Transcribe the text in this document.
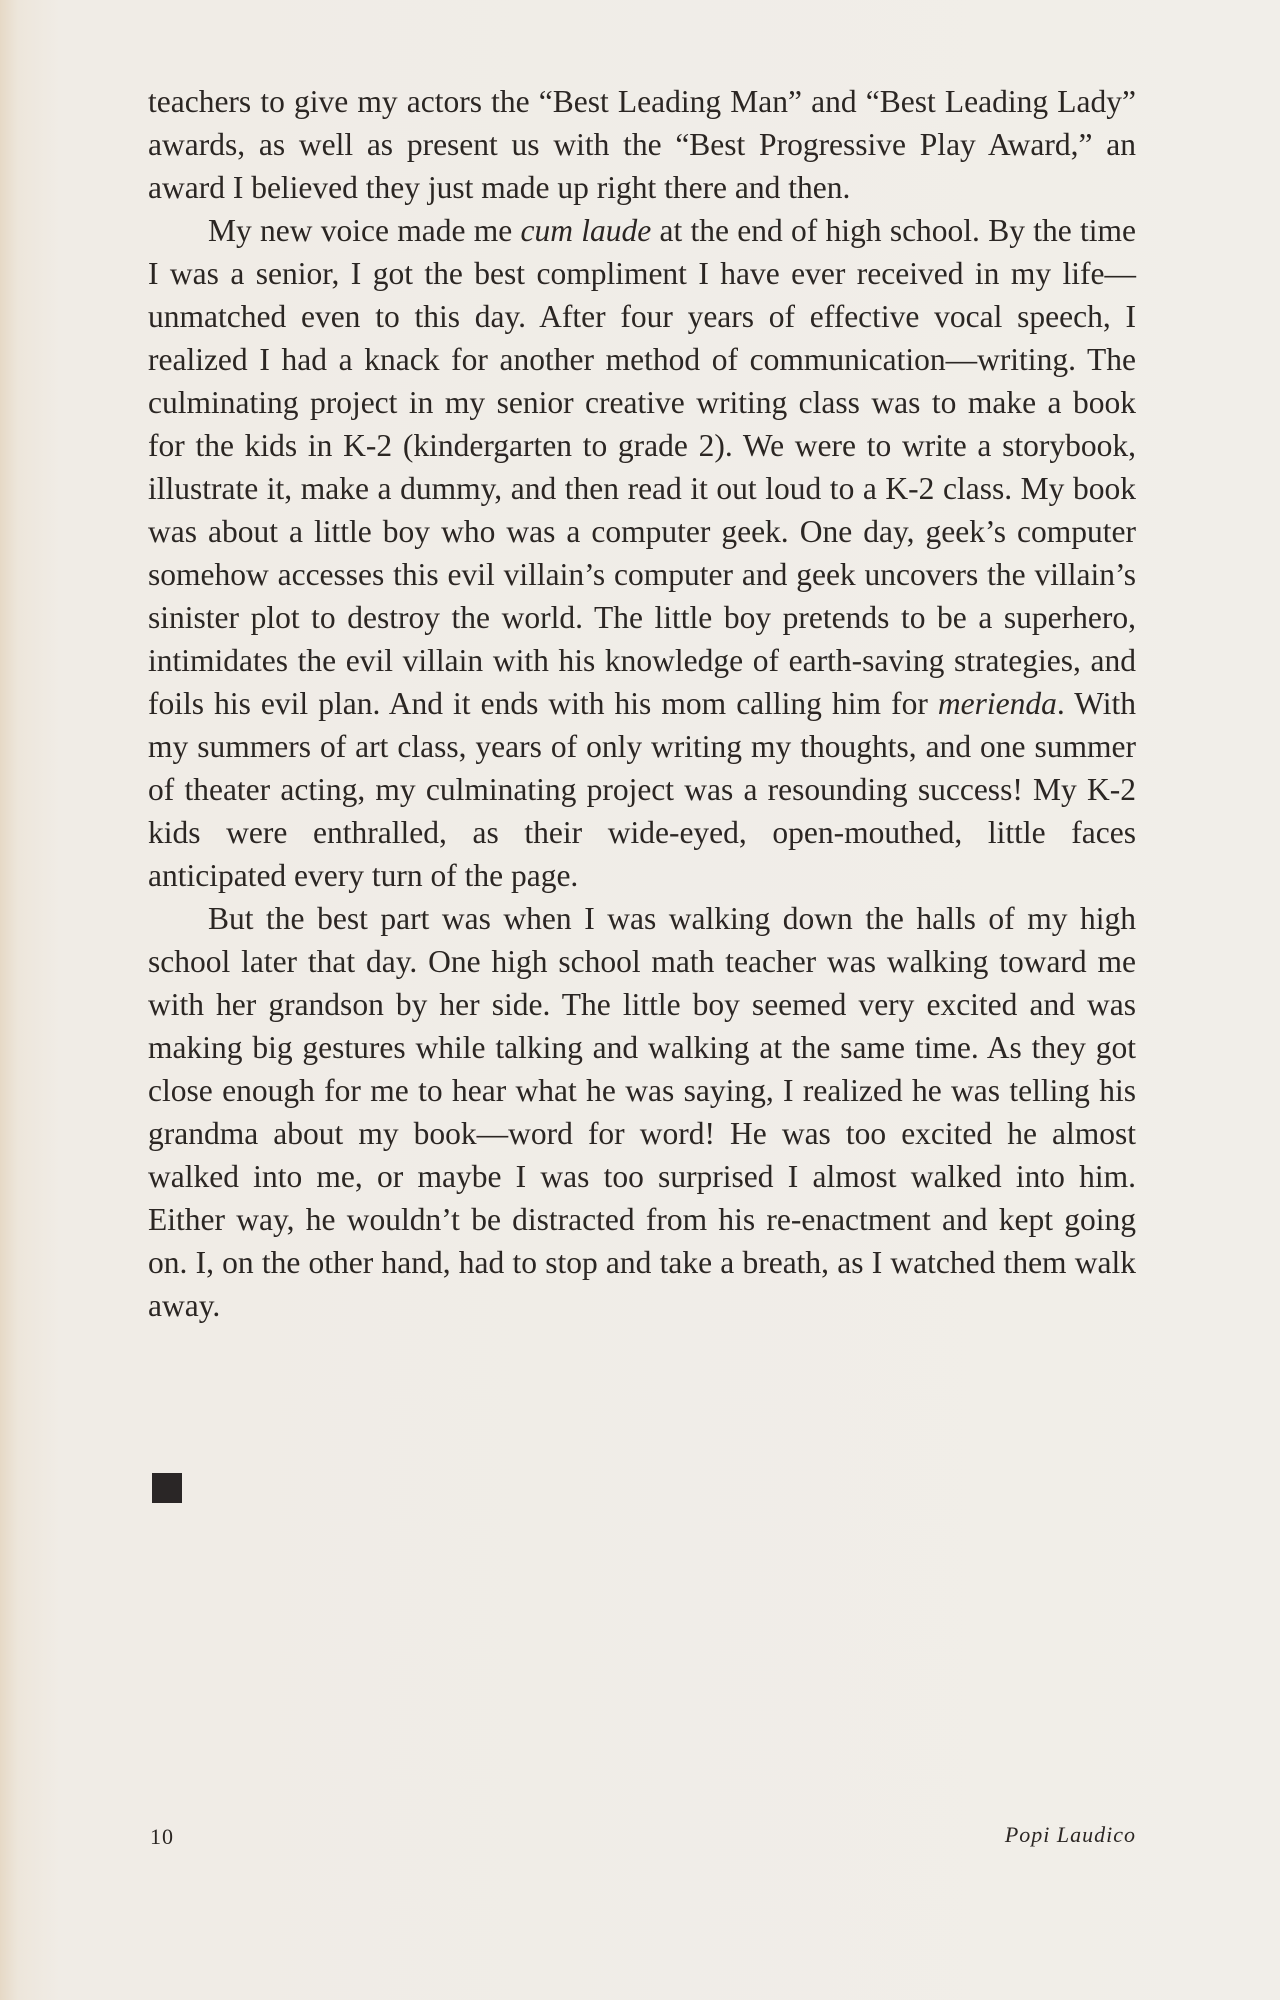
teachers to give my actors the “Best Leading Man” and “Best Leading Lady” awards, as well as present us with the “Best Progressive Play Award,” an award I believed they just made up right there and then.

My new voice made me cum laude at the end of high school. By the time I was a senior, I got the best compliment I have ever received in my life—unmatched even to this day. After four years of effective vocal speech, I realized I had a knack for another method of communication—writing. The culminating project in my senior creative writing class was to make a book for the kids in K-2 (kindergarten to grade 2). We were to write a storybook, illustrate it, make a dummy, and then read it out loud to a K-2 class. My book was about a little boy who was a computer geek. One day, geek’s computer somehow accesses this evil villain’s computer and geek uncovers the villain’s sinister plot to destroy the world. The little boy pretends to be a superhero, intimidates the evil villain with his knowledge of earth-saving strategies, and foils his evil plan. And it ends with his mom calling him for merienda. With my summers of art class, years of only writing my thoughts, and one summer of theater acting, my culminating project was a resounding success! My K-2 kids were enthralled, as their wide-eyed, open-mouthed, little faces anticipated every turn of the page.

But the best part was when I was walking down the halls of my high school later that day. One high school math teacher was walking toward me with her grandson by her side. The little boy seemed very excited and was making big gestures while talking and walking at the same time. As they got close enough for me to hear what he was saying, I realized he was telling his grandma about my book—word for word! He was too excited he almost walked into me, or maybe I was too surprised I almost walked into him. Either way, he wouldn’t be distracted from his re-enactment and kept going on. I, on the other hand, had to stop and take a breath, as I watched them walk away.

10	Popi Laudico
